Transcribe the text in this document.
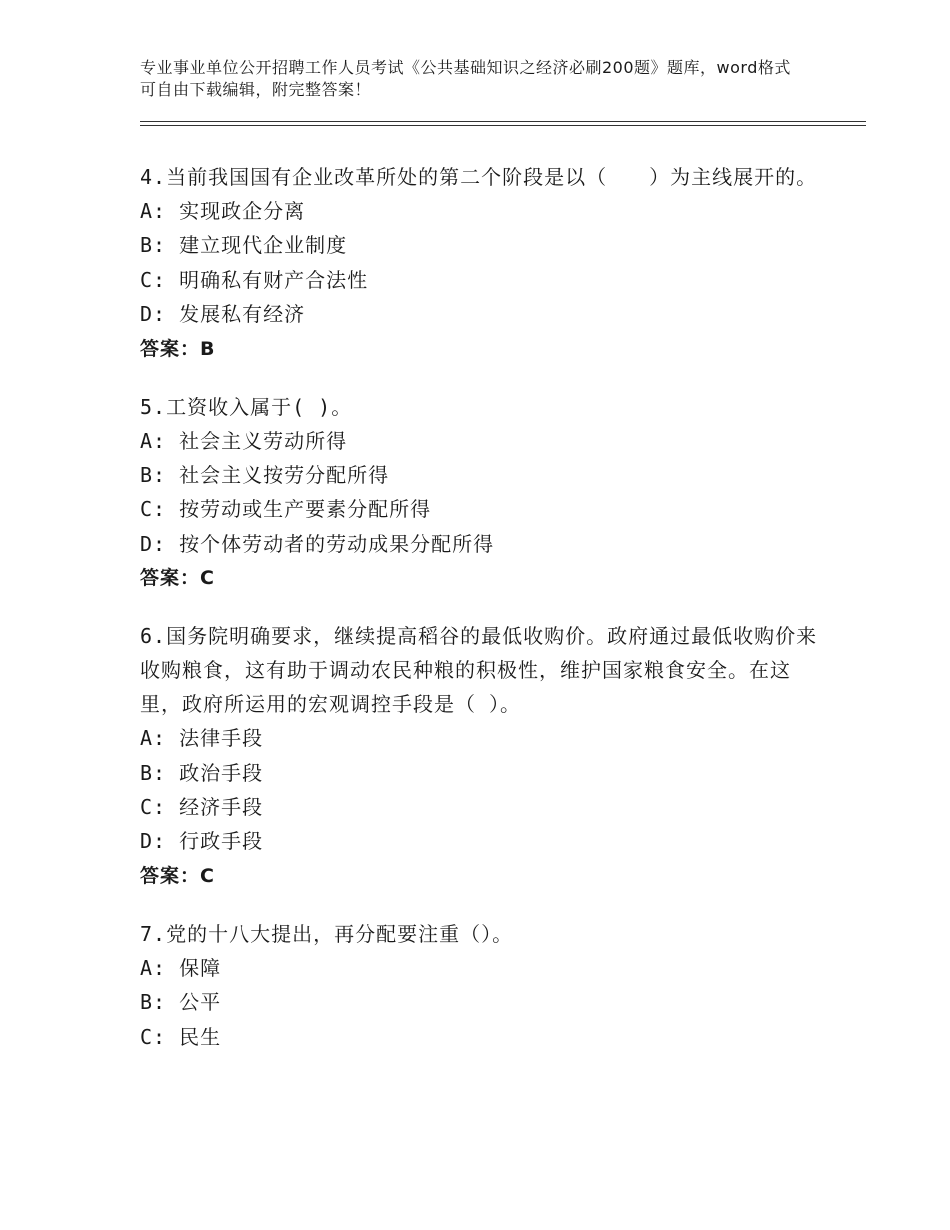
专业事业单位公开招聘工作人员考试《公共基础知识之经济必刷200题》题库，word格式可自由下载编辑，附完整答案！

4.当前我国国有企业改革所处的第二个阶段是以（　　）为主线展开的。

A: 实现政企分离

B: 建立现代企业制度

C: 明确私有财产合法性

D: 发展私有经济

答案：B

5.工资收入属于( )。

A: 社会主义劳动所得

B: 社会主义按劳分配所得

C: 按劳动或生产要素分配所得

D: 按个体劳动者的劳动成果分配所得

答案：C

6.国务院明确要求，继续提高稻谷的最低收购价。政府通过最低收购价来收购粮食，这有助于调动农民种粮的积极性，维护国家粮食安全。在这里，政府所运用的宏观调控手段是（ ）。

A: 法律手段

B: 政治手段

C: 经济手段

D: 行政手段

答案：C

7.党的十八大提出，再分配要注重（）。

A: 保障

B: 公平

C: 民生
